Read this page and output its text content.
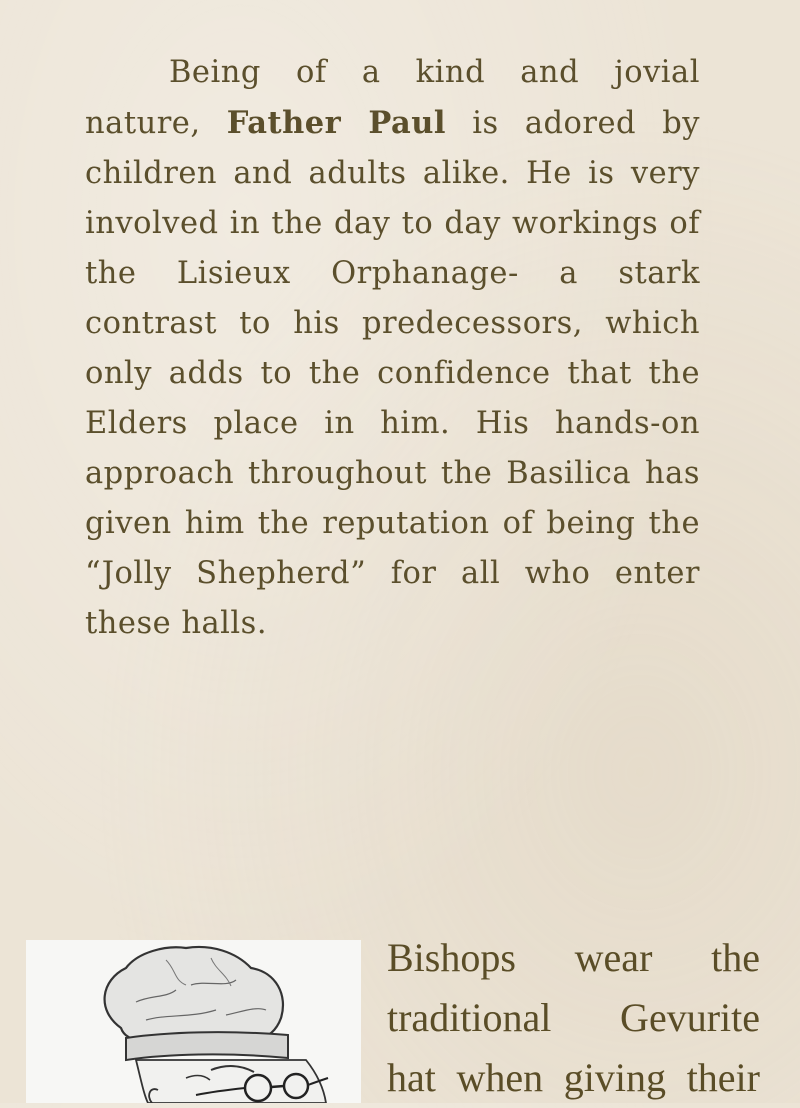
Being of a kind and jovial nature, Father Paul is adored by children and adults alike. He is very involved in the day to day workings of the Lisieux Orphanage- a stark contrast to his predecessors, which only adds to the confidence that the Elders place in him. His hands-on approach throughout the Basilica has given him the reputation of being the “Jolly Shepherd” for all who enter these halls.

Bishops wear the traditional Gevurite hat when giving their
